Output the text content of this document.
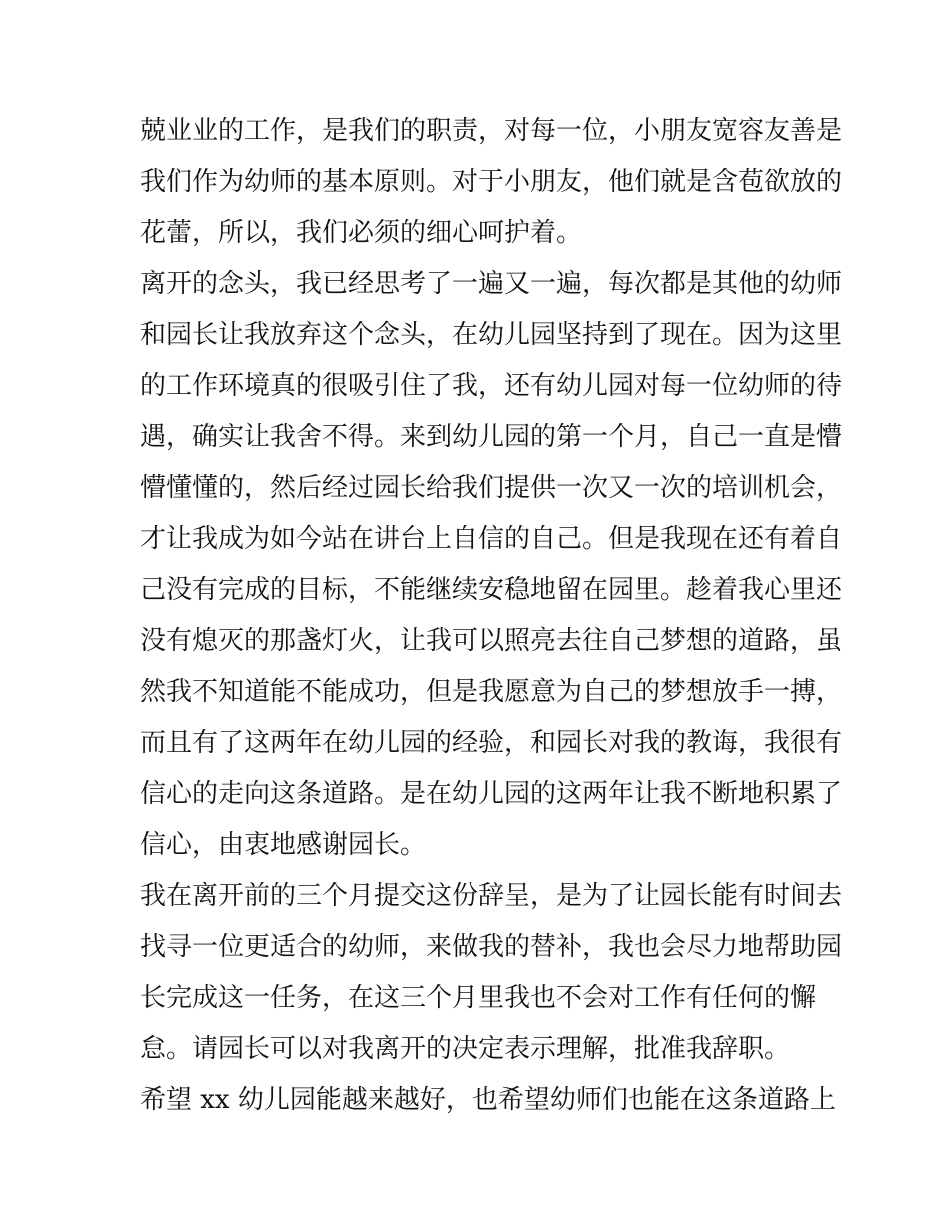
兢业业的工作，是我们的职责，对每一位，小朋友宽容友善是
我们作为幼师的基本原则。对于小朋友，他们就是含苞欲放的
花蕾，所以，我们必须的细心呵护着。
离开的念头，我已经思考了一遍又一遍，每次都是其他的幼师
和园长让我放弃这个念头，在幼儿园坚持到了现在。因为这里
的工作环境真的很吸引住了我，还有幼儿园对每一位幼师的待
遇，确实让我舍不得。来到幼儿园的第一个月，自己一直是懵
懵懂懂的，然后经过园长给我们提供一次又一次的培训机会，
才让我成为如今站在讲台上自信的自己。但是我现在还有着自
己没有完成的目标，不能继续安稳地留在园里。趁着我心里还
没有熄灭的那盏灯火，让我可以照亮去往自己梦想的道路，虽
然我不知道能不能成功，但是我愿意为自己的梦想放手一搏，
而且有了这两年在幼儿园的经验，和园长对我的教诲，我很有
信心的走向这条道路。是在幼儿园的这两年让我不断地积累了
信心，由衷地感谢园长。
我在离开前的三个月提交这份辞呈，是为了让园长能有时间去
找寻一位更适合的幼师，来做我的替补，我也会尽力地帮助园
长完成这一任务，在这三个月里我也不会对工作有任何的懈
怠。请园长可以对我离开的决定表示理解，批准我辞职。
希望 xx 幼儿园能越来越好，也希望幼师们也能在这条道路上
